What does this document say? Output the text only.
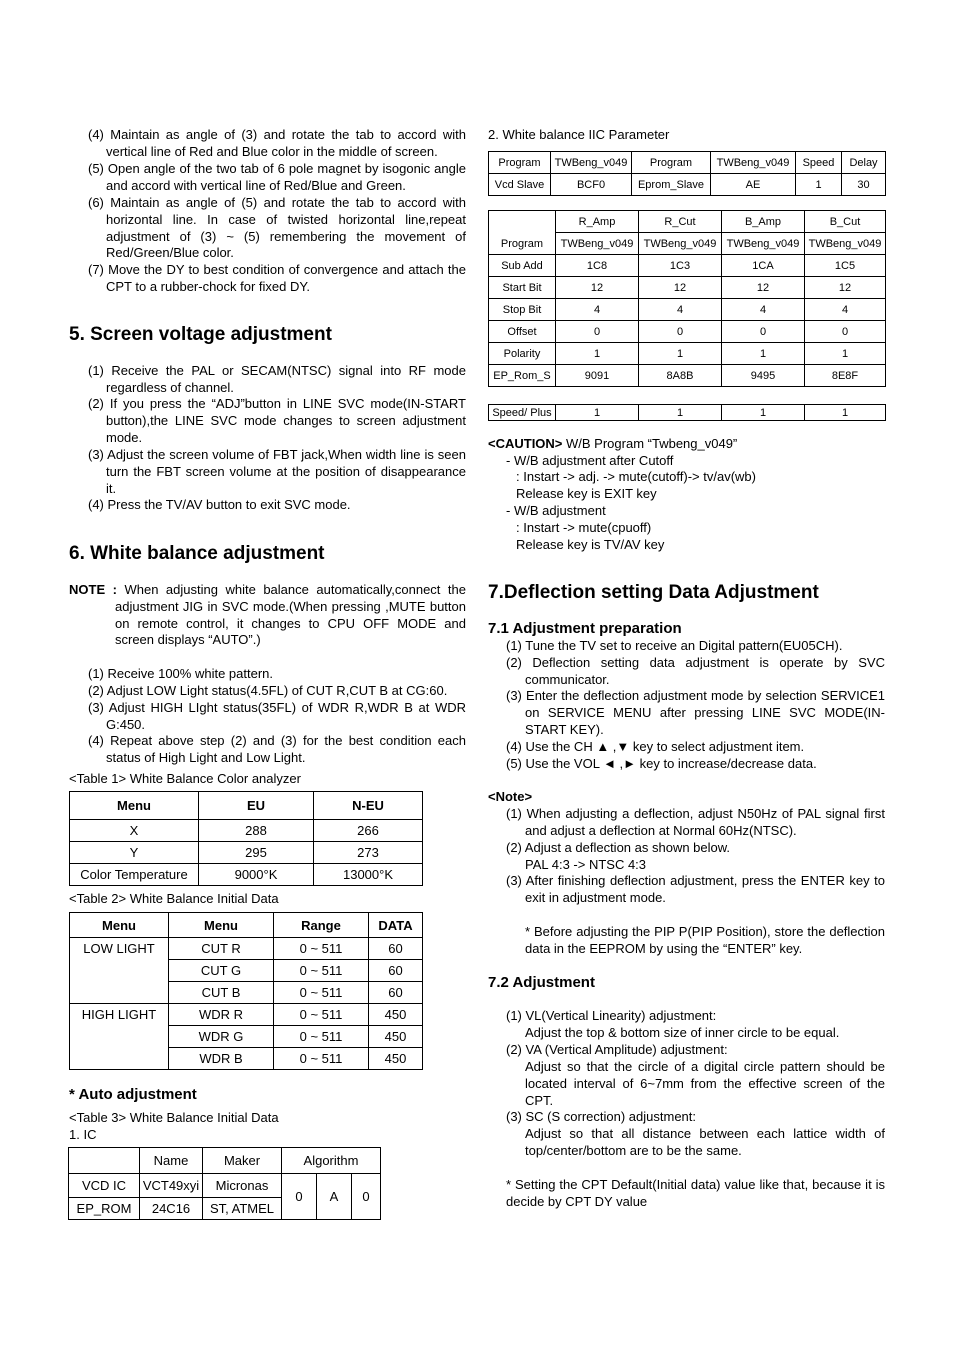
(4) Maintain as angle of (3) and rotate the tab to accord with vertical line of Red and Blue color in the middle of screen.
(5) Open angle of the two tab of 6 pole magnet by isogonic angle and accord with vertical line of Red/Blue and Green.
(6) Maintain as angle of (5) and rotate the tab to accord with horizontal line. In case of twisted horizontal line,repeat adjustment of (3) ~ (5) remembering the movement of Red/Green/Blue color.
(7) Move the DY to best condition of convergence and attach the CPT to a rubber-chock for fixed DY.
5. Screen voltage adjustment
(1) Receive the PAL or SECAM(NTSC) signal into RF mode regardless of channel.
(2) If you press the “ADJ”button in LINE SVC mode(IN-START button),the LINE SVC mode changes to screen adjustment mode.
(3) Adjust the screen volume of FBT jack,When width line is seen turn the FBT screen volume at the position of disappearance it.
(4) Press the TV/AV button to exit SVC mode.
6. White balance adjustment
NOTE : When adjusting white balance automatically,connect the adjustment JIG in SVC mode.(When pressing ,MUTE button on remote control, it changes to CPU OFF MODE and screen displays “AUTO”.)
(1) Receive 100% white pattern.
(2) Adjust LOW Light status(4.5FL) of CUT R,CUT B at CG:60.
(3) Adjust HIGH LIght status(35FL) of WDR R,WDR B at WDR G:450.
(4) Repeat above step (2) and (3) for the best condition each status of High Light and Low Light.
<Table 1> White Balance Color analyzer
Menu	EU	N-EU
X	288	266
Y	295	273
Color Temperature	9000°K	13000°K
<Table 2> White Balance Initial Data
Menu	Menu	Range	DATA
LOW LIGHT	CUT R	0 ~ 511	60
	CUT G	0 ~ 511	60
	CUT B	0 ~ 511	60
HIGH LIGHT	WDR R	0 ~ 511	450
	WDR G	0 ~ 511	450
	WDR B	0 ~ 511	450
* Auto adjustment
<Table 3> White Balance Initial Data
1. IC
	Name	Maker	Algorithm		
VCD IC	VCT49xyi	Micronas	0	A	0
EP_ROM	24C16	ST, ATMEL			
2. White balance IIC Parameter
Program	TWBeng_v049	Program	TWBeng_v049	Speed	Delay
Vcd Slave	BCF0	Eprom_Slave	AE	1	30
Program	R_Amp	R_Cut	B_Amp	B_Cut
	TWBeng_v049	TWBeng_v049	TWBeng_v049	TWBeng_v049
Sub Add	1C8	1C3	1CA	1C5
Start Bit	12	12	12	12
Stop Bit	4	4	4	4
Offset	0	0	0	0
Polarity	1	1	1	1
EP_Rom_S	9091	8A8B	9495	8E8F
Speed/ Plus	1	1	1	1
<CAUTION> W/B Program “Twbeng_v049”
- W/B adjustment after Cutoff
: Instart -> adj. -> mute(cutoff)-> tv/av(wb)
Release key is EXIT key
- W/B adjustment
: Instart -> mute(cpuoff)
Release key is TV/AV key
7.Deflection setting Data Adjustment
7.1 Adjustment preparation
(1) Tune the TV set to receive an Digital pattern(EU05CH).
(2) Deflection setting data adjustment is operate by SVC communicator.
(3) Enter the deflection adjustment mode by selection SERVICE1 on SERVICE MENU after pressing LINE SVC MODE(IN-START KEY).
(4) Use the CH ▲ ,▼ key to select adjustment item.
(5) Use the VOL ◄ ,► key to increase/decrease data.
<Note>
(1) When adjusting a deflection, adjust N50Hz of PAL signal first and adjust a deflection at Normal 60Hz(NTSC).
(2) Adjust a deflection as shown below.
PAL 4:3 -> NTSC 4:3
(3) After finishing deflection adjustment, press the ENTER key to exit in adjustment mode.
* Before adjusting the PIP P(PIP Position), store the deflection data in the EEPROM by using the “ENTER” key.
7.2 Adjustment
(1) VL(Vertical Linearity) adjustment:
Adjust the top & bottom size of inner circle to be equal.
(2) VA (Vertical Amplitude) adjustment:
Adjust so that the circle of a digital circle pattern should be located interval of 6~7mm from the effective screen of the CPT.
(3) SC (S correction) adjustment:
Adjust so that all distance between each lattice width of top/center/bottom are to be the same.
* Setting the CPT Default(Initial data) value like that, because it is decide by CPT DY value
